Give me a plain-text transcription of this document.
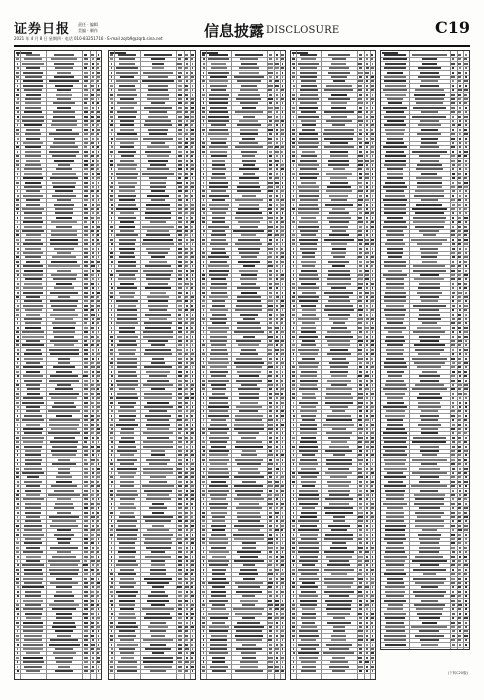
证券日报 责任 · 编辑
美编 · 制作
2021 年 4 月 8 日 星期四 · 电话 010-83251716 · E-mail zqrb9@zqrb.sina.net	信息披露 DISCLOSURE	C19
(下转C20版)
